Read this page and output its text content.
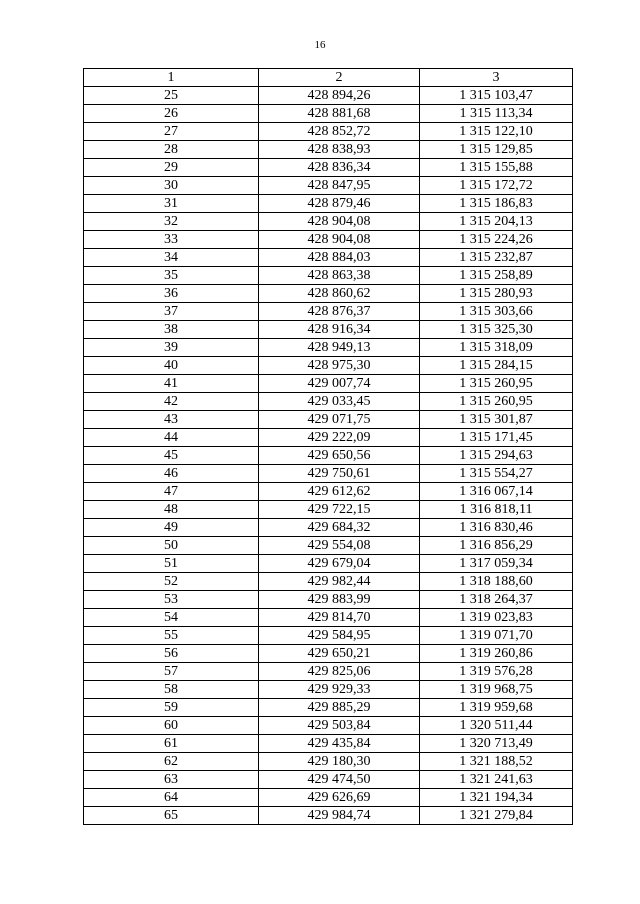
16
1	2	3
25	428 894,26	1 315 103,47
26	428 881,68	1 315 113,34
27	428 852,72	1 315 122,10
28	428 838,93	1 315 129,85
29	428 836,34	1 315 155,88
30	428 847,95	1 315 172,72
31	428 879,46	1 315 186,83
32	428 904,08	1 315 204,13
33	428 904,08	1 315 224,26
34	428 884,03	1 315 232,87
35	428 863,38	1 315 258,89
36	428 860,62	1 315 280,93
37	428 876,37	1 315 303,66
38	428 916,34	1 315 325,30
39	428 949,13	1 315 318,09
40	428 975,30	1 315 284,15
41	429 007,74	1 315 260,95
42	429 033,45	1 315 260,95
43	429 071,75	1 315 301,87
44	429 222,09	1 315 171,45
45	429 650,56	1 315 294,63
46	429 750,61	1 315 554,27
47	429 612,62	1 316 067,14
48	429 722,15	1 316 818,11
49	429 684,32	1 316 830,46
50	429 554,08	1 316 856,29
51	429 679,04	1 317 059,34
52	429 982,44	1 318 188,60
53	429 883,99	1 318 264,37
54	429 814,70	1 319 023,83
55	429 584,95	1 319 071,70
56	429 650,21	1 319 260,86
57	429 825,06	1 319 576,28
58	429 929,33	1 319 968,75
59	429 885,29	1 319 959,68
60	429 503,84	1 320 511,44
61	429 435,84	1 320 713,49
62	429 180,30	1 321 188,52
63	429 474,50	1 321 241,63
64	429 626,69	1 321 194,34
65	429 984,74	1 321 279,84
